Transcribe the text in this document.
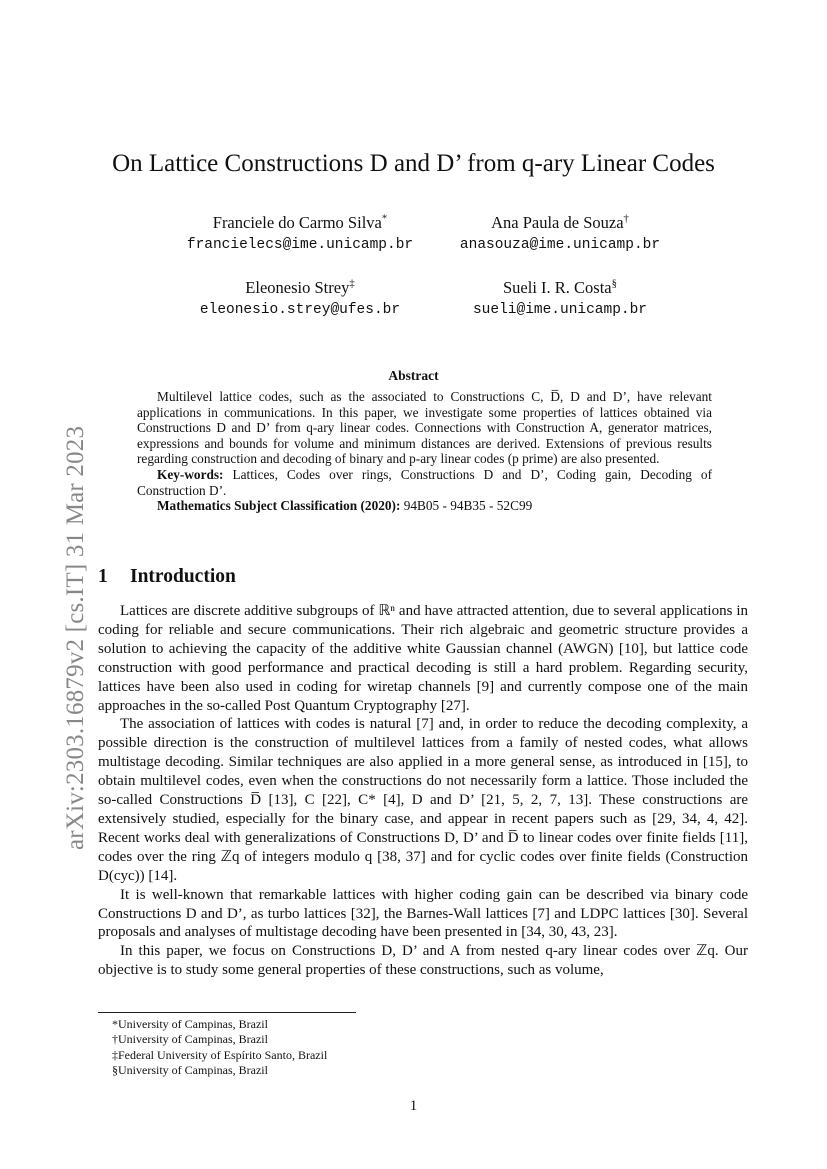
arXiv:2303.16879v2 [cs.IT] 31 Mar 2023
On Lattice Constructions D and D’ from q-ary Linear Codes
Franciele do Carmo Silva*
francielecs@ime.unicamp.br
Ana Paula de Souza†
anasouza@ime.unicamp.br
Eleonesio Strey‡
eleonesio.strey@ufes.br
Sueli I. R. Costa§
sueli@ime.unicamp.br
Abstract

Multilevel lattice codes, such as the associated to Constructions C, D̅, D and D’, have relevant applications in communications. In this paper, we investigate some properties of lattices obtained via Constructions D and D’ from q-ary linear codes. Connections with Construction A, generator matrices, expressions and bounds for volume and minimum distances are derived. Extensions of previous results regarding construction and decoding of binary and p-ary linear codes (p prime) are also presented.

Key-words: Lattices, Codes over rings, Constructions D and D’, Coding gain, Decoding of Construction D’.

Mathematics Subject Classification (2020): 94B05 - 94B35 - 52C99

1 Introduction

Lattices are discrete additive subgroups of ℝⁿ and have attracted attention, due to several applications in coding for reliable and secure communications. Their rich algebraic and geometric structure provides a solution to achieving the capacity of the additive white Gaussian channel (AWGN) [10], but lattice code construction with good performance and practical decoding is still a hard problem. Regarding security, lattices have been also used in coding for wiretap channels [9] and currently compose one of the main approaches in the so-called Post Quantum Cryptography [27].

The association of lattices with codes is natural [7] and, in order to reduce the decoding complexity, a possible direction is the construction of multilevel lattices from a family of nested codes, what allows multistage decoding. Similar techniques are also applied in a more general sense, as introduced in [15], to obtain multilevel codes, even when the constructions do not necessarily form a lattice. Those included the so-called Constructions D̅ [13], C [22], C* [4], D and D’ [21, 5, 2, 7, 13]. These constructions are extensively studied, especially for the binary case, and appear in recent papers such as [29, 34, 4, 42]. Recent works deal with generalizations of Constructions D, D’ and D̅ to linear codes over finite fields [11], codes over the ring ℤq of integers modulo q [38, 37] and for cyclic codes over finite fields (Construction D(cyc)) [14].

It is well-known that remarkable lattices with higher coding gain can be described via binary code Constructions D and D’, as turbo lattices [32], the Barnes-Wall lattices [7] and LDPC lattices [30]. Several proposals and analyses of multistage decoding have been presented in [34, 30, 43, 23].

In this paper, we focus on Constructions D, D’ and A from nested q-ary linear codes over ℤq. Our objective is to study some general properties of these constructions, such as volume,

*University of Campinas, Brazil
†University of Campinas, Brazil
‡Federal University of Espírito Santo, Brazil
§University of Campinas, Brazil
1
